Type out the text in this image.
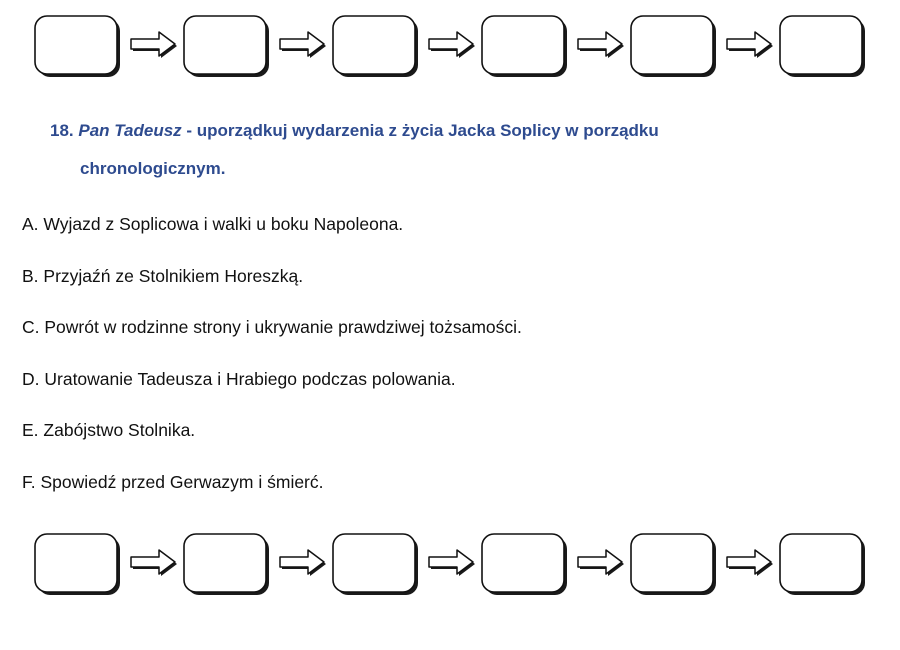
18. Pan Tadeusz - uporządkuj wydarzenia z życia Jacka Soplicy w porządku
chronologicznym.
A. Wyjazd z Soplicowa i walki u boku Napoleona.
B. Przyjaźń ze Stolnikiem Horeszką.
C. Powrót w rodzinne strony i ukrywanie prawdziwej tożsamości.
D. Uratowanie Tadeusza i Hrabiego podczas polowania.
E. Zabójstwo Stolnika.
F. Spowiedź przed Gerwazym i śmierć.
